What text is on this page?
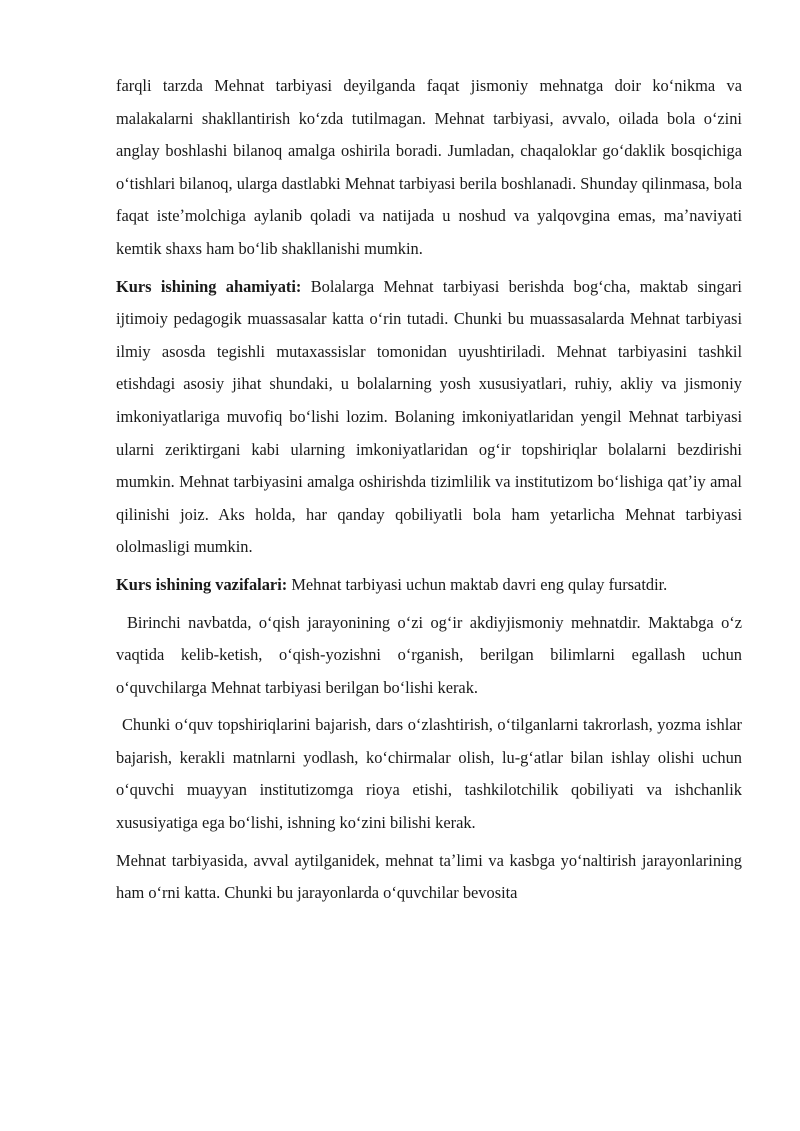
farqli tarzda Mehnat tarbiyasi deyilganda faqat jismoniy mehnatga doir koʻnikma va malakalarni shakllantirish koʻzda tutilmagan. Mehnat tarbiyasi, avvalo, oilada bola oʻzini anglay boshlashi bilanoq amalga oshirila boradi. Jumladan, chaqaloklar goʻdaklik bosqichiga oʻtishlari bilanoq, ularga dastlabki Mehnat tarbiyasi berila boshlanadi. Shunday qilinmasa, bola faqat isteʼmolchiga aylanib qoladi va natijada u noshud va yalqovgina emas, maʼnaviyati kemtik shaxs ham boʻlib shakllanishi mumkin.

Kurs ishining ahamiyati: Bolalarga Mehnat tarbiyasi berishda bogʻcha, maktab singari ijtimoiy pedagogik muassasalar katta oʻrin tutadi. Chunki bu muassasalarda Mehnat tarbiyasi ilmiy asosda tegishli mutaxassislar tomonidan uyushtiriladi. Mehnat tarbiyasini tashkil etishdagi asosiy jihat shundaki, u bolalarning yosh xususiyatlari, ruhiy, akliy va jismoniy imkoniyatlariga muvofiq boʻlishi lozim. Bolaning imkoniyatlaridan yengil Mehnat tarbiyasi ularni zeriktirgani kabi ularning imkoniyatlaridan ogʻir topshiriqlar bolalarni bezdirishi mumkin. Mehnat tarbiyasini amalga oshirishda tizimlilik va institutizom boʻlishiga qatʼiy amal qilinishi joiz. Aks holda, har qanday qobiliyatli bola ham yetarlicha Mehnat tarbiyasi ololmasligi mumkin.

Kurs ishining vazifalari: Mehnat tarbiyasi uchun maktab davri eng qulay fursatdir.

Birinchi navbatda, oʻqish jarayonining oʻzi ogʻir akdiyjismoniy mehnatdir. Maktabga oʻz vaqtida kelib-ketish, oʻqish-yozishni oʻrganish, berilgan bilimlarni egallash uchun oʻquvchilarga Mehnat tarbiyasi berilgan boʻlishi kerak.

Chunki oʻquv topshiriqlarini bajarish, dars oʻzlashtirish, oʻtilganlarni takrorlash, yozma ishlar bajarish, kerakli matnlarni yodlash, koʻchirmalar olish, lu-gʻatlar bilan ishlay olishi uchun oʻquvchi muayyan institutizomga rioya etishi, tashkilotchilik qobiliyati va ishchanlik xususiyatiga ega boʻlishi, ishning koʻzini bilishi kerak.

Mehnat tarbiyasida, avval aytilganidek, mehnat taʼlimi va kasbga yoʻnaltirish jarayonlarining ham oʻrni katta. Chunki bu jarayonlarda oʻquvchilar bevosita
